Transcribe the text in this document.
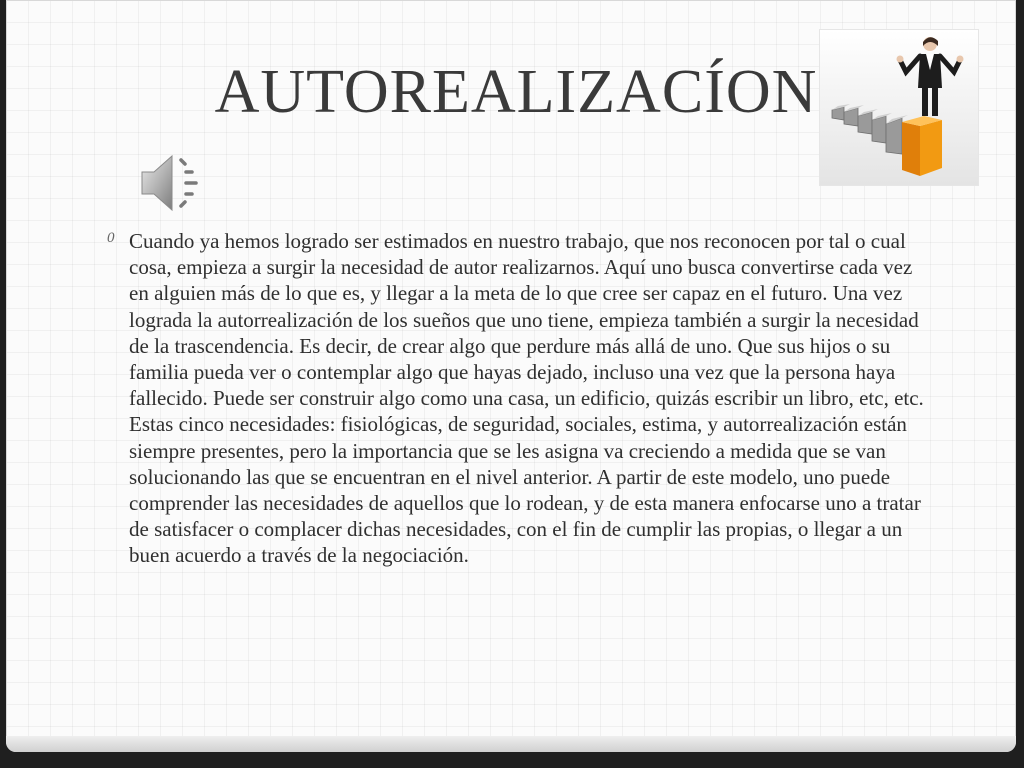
AUTOREALIZACÍON
0 Cuando ya hemos logrado ser estimados en nuestro trabajo, que nos reconocen por tal o cual cosa, empieza a surgir la necesidad de autor realizarnos. Aquí uno busca convertirse cada vez en alguien más de lo que es, y llegar a la meta de lo que cree ser capaz en el futuro. Una vez lograda la autorrealización de los sueños que uno tiene, empieza también a surgir la necesidad de la trascendencia. Es decir, de crear algo que perdure más allá de uno. Que sus hijos o su familia pueda ver o contemplar algo que hayas dejado, incluso una vez que la persona haya fallecido. Puede ser construir algo como una casa, un edificio, quizás escribir un libro, etc, etc. Estas cinco necesidades: fisiológicas, de seguridad, sociales, estima, y autorrealización están siempre presentes, pero la importancia que se les asigna va creciendo a medida que se van solucionando las que se encuentran en el nivel anterior. A partir de este modelo, uno puede comprender las necesidades de aquellos que lo rodean, y de esta manera enfocarse uno a tratar de satisfacer o complacer dichas necesidades, con el fin de cumplir las propias, o llegar a un buen acuerdo a través de la negociación.
